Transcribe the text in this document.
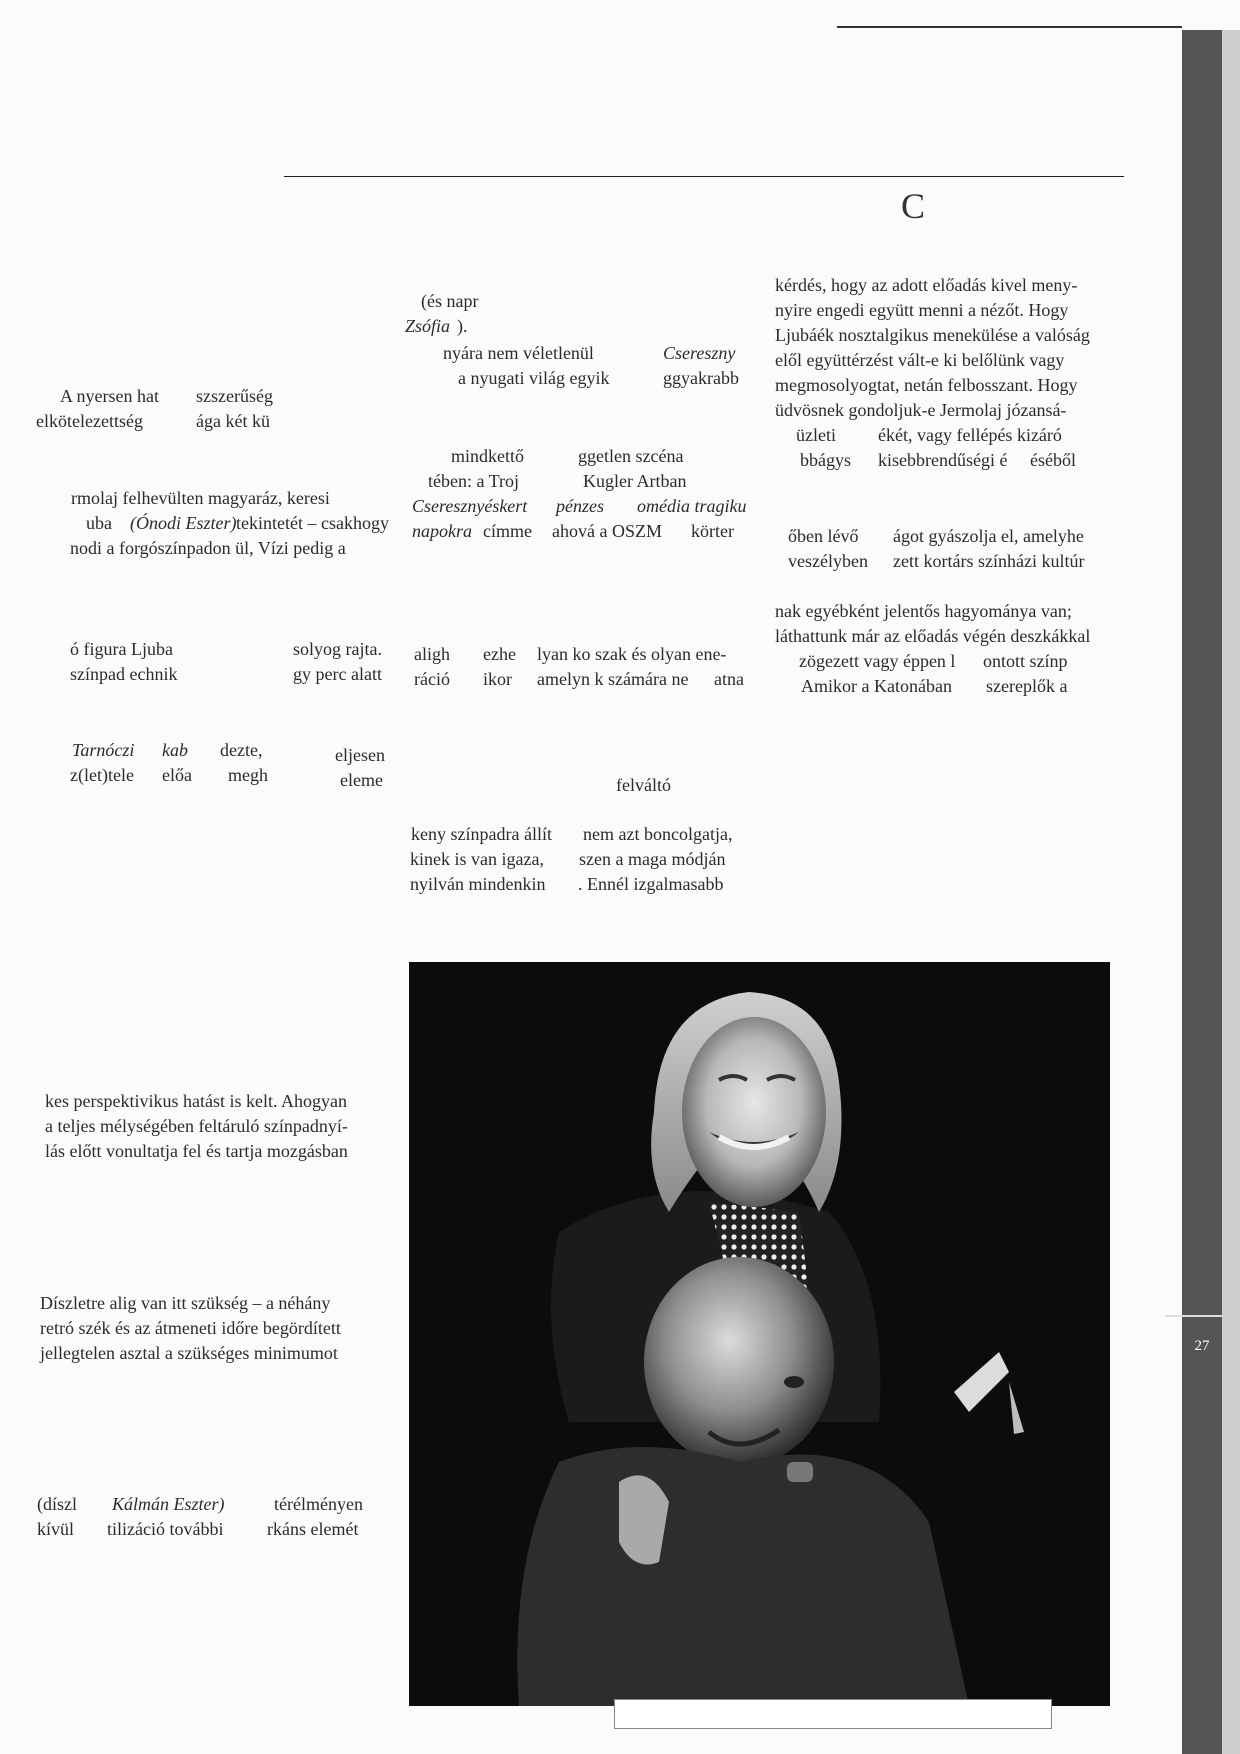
C
27
(és napr
Zsófia ).
nyára nem véletlenül	Csereszny
a nyugati világ egyik	ggyakrabb
A nyersen hat szszerűség
elkötelezettség	ága két kü
mindkettő	ggetlen szcéna
tében: a Troj	Kugler Artban
Cseresznyéskert pénzes omédia tragiku
napokra címme ahová a OSZM körter
rmolaj felhevülten magyaráz, keresi
uba (Ónodi Eszter) tekintetét – csakhogy
nodi a forgószínpadon ül, Vízi pedig a
kérdés, hogy az adott előadás kivel meny-
nyire engedi együtt menni a nézőt. Hogy
Ljubáék nosztalgikus menekülése a valóság
elől együttérzést vált-e ki belőlünk vagy
megmosolyogtat, netán felbosszant. Hogy
üdvösnek gondoljuk-e Jermolaj józansá-
üzleti ékét, vagy fellépés kizáró
bbágys kisebbrendűségi é éséből
őben lévő ágot gyászolja el, amelyhe
veszélyben zett kortárs színházi kultúr
nak egyébként jelentős hagyománya van;
láthattunk már az előadás végén deszkákkal
zögezett vagy éppen l ontott színp
Amikor a Katonában szereplők a
ó figura Ljuba	solyog rajta.
színpad echnik	gy perc alatt
aligh ezhe lyan ko szak és olyan ene-
ráció ikor amelyn k számára ne atna
Tarnóczi kab dezte,	eljesen
z(let)tele előa megh	eleme	felváltó
keny színpadra állít nem azt boncolgatja,
kinek is van igaza, szen a maga módján
nyilván mindenkin . Ennél izgalmasabb
kes perspektivikus hatást is kelt. Ahogyan
a teljes mélységében feltáruló színpadnyí-
lás előtt vonultatja fel és tartja mozgásban
Díszletre alig van itt szükség – a néhány
retró szék és az átmeneti időre begördített
jellegtelen asztal a szükséges minimumot
(díszl Kálmán Eszter)	térélményen
kívül tilizáció további rkáns elemét
